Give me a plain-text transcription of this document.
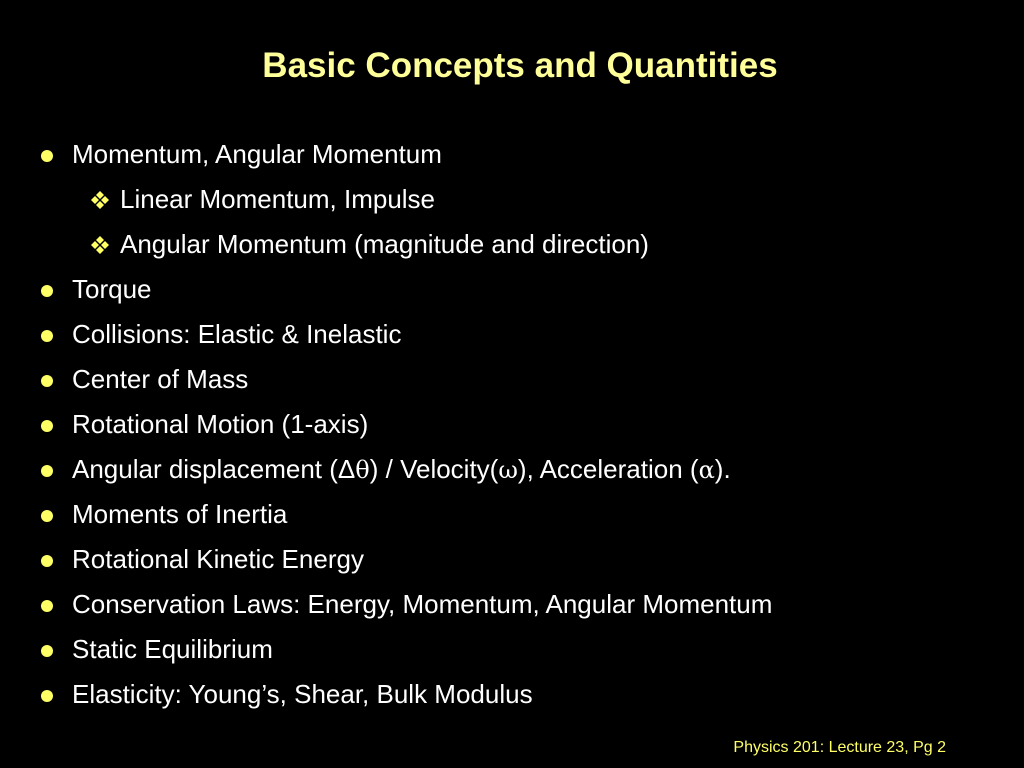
Basic Concepts and Quantities
Momentum, Angular Momentum
Linear Momentum, Impulse
Angular Momentum (magnitude and direction)
Torque
Collisions: Elastic & Inelastic
Center of Mass
Rotational Motion (1-axis)
Angular displacement (Δθ) / Velocity(ω), Acceleration (α).
Moments of Inertia
Rotational Kinetic Energy
Conservation Laws: Energy, Momentum, Angular Momentum
Static Equilibrium
Elasticity: Young’s, Shear, Bulk Modulus
Physics 201: Lecture 23, Pg 2
